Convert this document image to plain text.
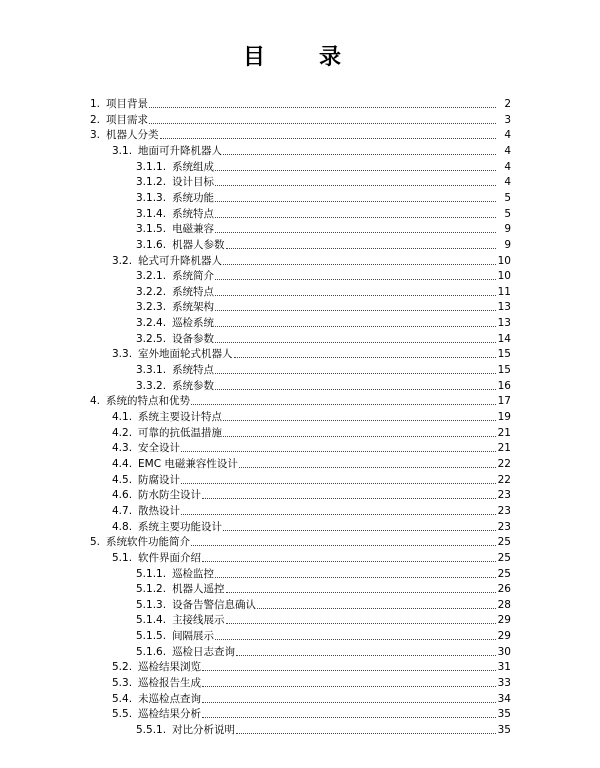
目　录
1. 项目背景	2
2. 项目需求	3
3. 机器人分类	4
3.1. 地面可升降机器人	4
3.1.1. 系统组成	4
3.1.2. 设计目标	4
3.1.3. 系统功能	5
3.1.4. 系统特点	5
3.1.5. 电磁兼容	9
3.1.6. 机器人参数	9
3.2. 轮式可升降机器人	10
3.2.1. 系统简介	10
3.2.2. 系统特点	11
3.2.3. 系统架构	13
3.2.4. 巡检系统	13
3.2.5. 设备参数	14
3.3. 室外地面轮式机器人	15
3.3.1. 系统特点	15
3.3.2. 系统参数	16
4. 系统的特点和优势	17
4.1. 系统主要设计特点	19
4.2. 可靠的抗低温措施	21
4.3. 安全设计	21
4.4. EMC 电磁兼容性设计	22
4.5. 防腐设计	22
4.6. 防水防尘设计	23
4.7. 散热设计	23
4.8. 系统主要功能设计	23
5. 系统软件功能简介	25
5.1. 软件界面介绍	25
5.1.1. 巡检监控	25
5.1.2. 机器人遥控	26
5.1.3. 设备告警信息确认	28
5.1.4. 主接线展示	29
5.1.5. 间隔展示	29
5.1.6. 巡检日志查询	30
5.2. 巡检结果浏览	31
5.3. 巡检报告生成	33
5.4. 未巡检点查询	34
5.5. 巡检结果分析	35
5.5.1. 对比分析说明	35
